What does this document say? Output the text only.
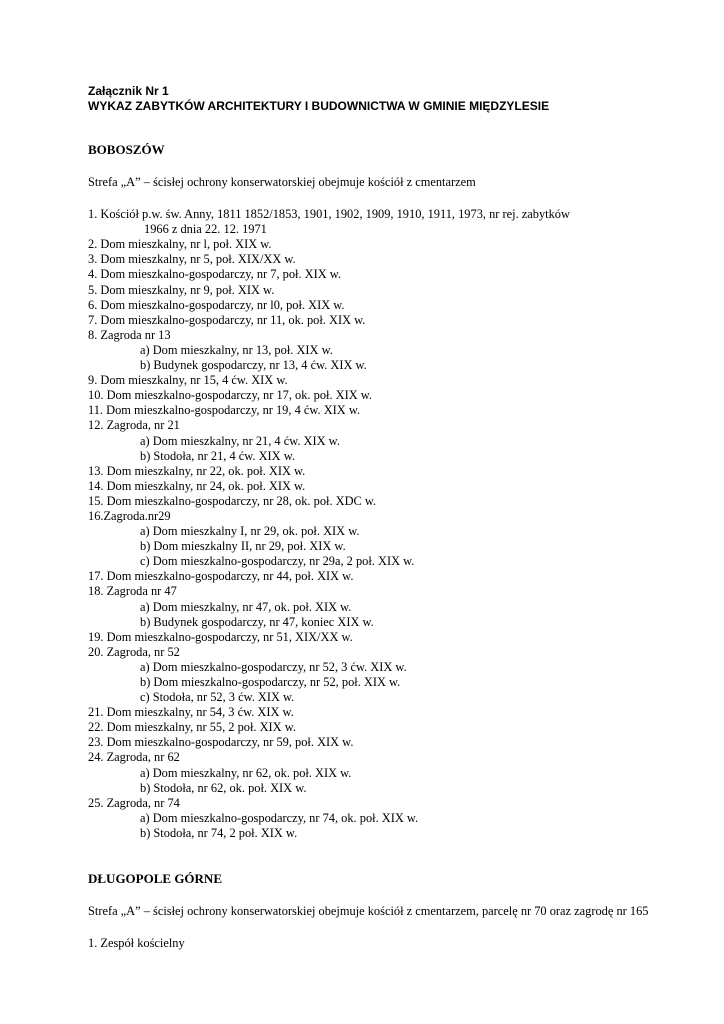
Załącznik Nr 1
WYKAZ ZABYTKÓW ARCHITEKTURY I BUDOWNICTWA W GMINIE MIĘDZYLESIE
BOBOSZÓW
Strefa „A” – ścisłej ochrony konserwatorskiej obejmuje kościół z cmentarzem
1. Kościół p.w. św. Anny, 1811 1852/1853, 1901, 1902, 1909, 1910, 1911, 1973, nr rej. zabytków
1966 z dnia 22. 12. 1971
2. Dom mieszkalny, nr l, poł. XIX w.
3. Dom mieszkalny, nr 5, poł. XIX/XX w.
4. Dom mieszkalno-gospodarczy, nr 7, poł. XIX w.
5. Dom mieszkalny, nr 9, poł. XIX w.
6. Dom mieszkalno-gospodarczy, nr l0, poł. XIX w.
7. Dom mieszkalno-gospodarczy, nr 11, ok. poł. XIX w.
8. Zagroda nr 13
a) Dom mieszkalny, nr 13, poł. XIX w.
b) Budynek gospodarczy, nr 13, 4 ćw. XIX w.
9. Dom mieszkalny, nr 15, 4 ćw. XIX w.
10. Dom mieszkalno-gospodarczy, nr 17, ok. poł. XIX w.
11. Dom mieszkalno-gospodarczy, nr 19, 4 ćw. XIX w.
12. Zagroda, nr 21
a) Dom mieszkalny, nr 21, 4 ćw. XIX w.
b) Stodoła, nr 21, 4 ćw. XIX w.
13. Dom mieszkalny, nr 22, ok. poł. XIX w.
14. Dom mieszkalny, nr 24, ok. poł. XIX w.
15. Dom mieszkalno-gospodarczy, nr 28, ok. poł. XDC w.
16.Zagroda.nr29
a) Dom mieszkalny I, nr 29, ok. poł. XIX w.
b) Dom mieszkalny II, nr 29, poł. XIX w.
c) Dom mieszkalno-gospodarczy, nr 29a, 2 poł. XIX w.
17. Dom mieszkalno-gospodarczy, nr 44, poł. XIX w.
18. Zagroda nr 47
a) Dom mieszkalny, nr 47, ok. poł. XIX w.
b) Budynek gospodarczy, nr 47, koniec XIX w.
19. Dom mieszkalno-gospodarczy, nr 51, XIX/XX w.
20. Zagroda, nr 52
a) Dom mieszkalno-gospodarczy, nr 52, 3 ćw. XIX w.
b) Dom mieszkalno-gospodarczy, nr 52, poł. XIX w.
c) Stodoła, nr 52, 3 ćw. XIX w.
21. Dom mieszkalny, nr 54, 3 ćw. XIX w.
22. Dom mieszkalny, nr 55, 2 poł. XIX w.
23. Dom mieszkalno-gospodarczy, nr 59, poł. XIX w.
24. Zagroda, nr 62
a) Dom mieszkalny, nr 62, ok. poł. XIX w.
b) Stodoła, nr 62, ok. poł. XIX w.
25. Zagroda, nr 74
a) Dom mieszkalno-gospodarczy, nr 74, ok. poł. XIX w.
b) Stodoła, nr 74, 2 poł. XIX w.
DŁUGOPOLE GÓRNE
Strefa „A” – ścisłej ochrony konserwatorskiej obejmuje kościół z cmentarzem, parcelę nr 70 oraz zagrodę nr 165
1. Zespół kościelny
